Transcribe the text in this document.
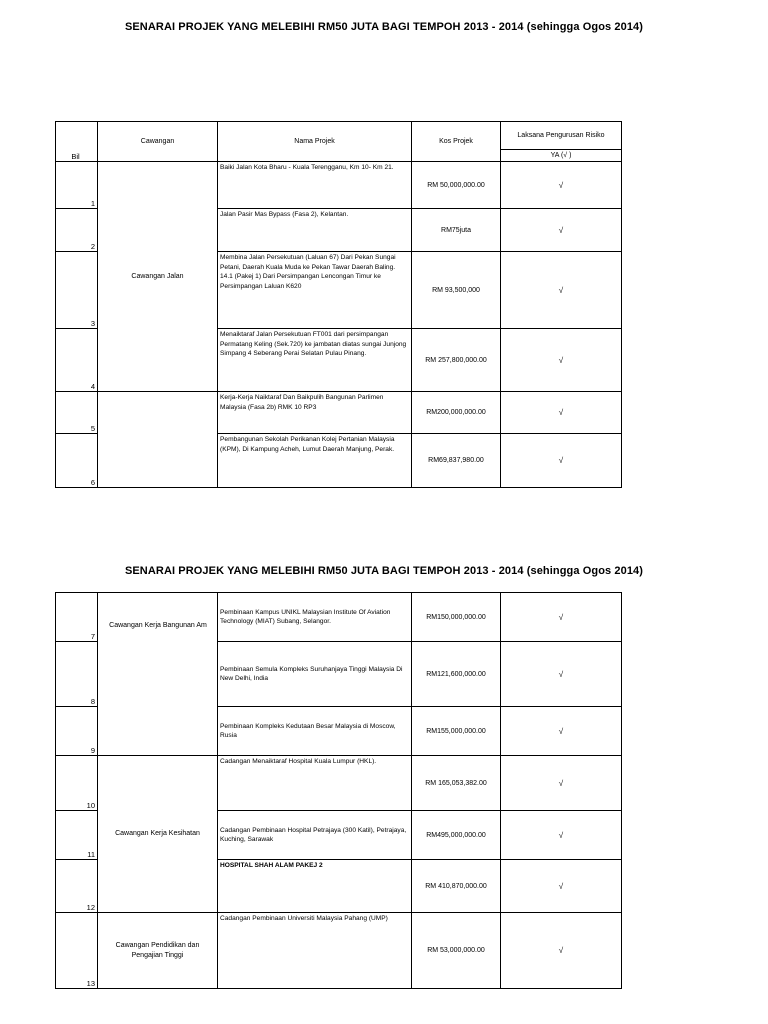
SENARAI PROJEK YANG MELEBIHI RM50 JUTA BAGI TEMPOH 2013 - 2014 (sehingga Ogos 2014)
Bil	Cawangan	Nama Projek	Kos Projek	Laksana Pengurusan Risiko
				YA (√ )
1	Cawangan Jalan	Baiki Jalan Kota Bharu - Kuala Terengganu, Km 10- Km 21.	RM 50,000,000.00	√
2		Jalan Pasir Mas Bypass (Fasa 2), Kelantan.	RM75juta	√
3		Membina Jalan Persekutuan (Laluan 67) Dari Pekan Sungai Petani, Daerah Kuala Muda ke Pekan Tawar Daerah Baling. 14.1 (Pakej 1) Dari Persimpangan Lencongan Timur ke Persimpangan Laluan K620	RM 93,500,000	√
4		Menaiktaraf Jalan Persekutuan FT001 dari persimpangan Permatang Keling (Sek.720) ke jambatan diatas sungai Junjong Simpang 4 Seberang Perai Selatan Pulau Pinang.	RM 257,800,000.00	√
5		Kerja-Kerja Naiktaraf Dan Baikpulih Bangunan Parlimen Malaysia (Fasa 2b) RMK 10 RP3	RM200,000,000.00	√
6		Pembangunan Sekolah Perikanan Kolej Pertanian Malaysia (KPM), Di Kampung Acheh, Lumut Daerah Manjung, Perak.	RM69,837,980.00	√
SENARAI PROJEK YANG MELEBIHI RM50 JUTA BAGI TEMPOH 2013 - 2014 (sehingga Ogos 2014)
7	Cawangan Kerja Bangunan Am	Pembinaan Kampus UNIKL Malaysian Institute Of Aviation Technology (MIAT) Subang, Selangor.	RM150,000,000.00	√
8		Pembinaan Semula Kompleks Suruhanjaya Tinggi Malaysia Di New Delhi, India	RM121,600,000.00	√
9		Pembinaan Kompleks Kedutaan Besar Malaysia di Moscow, Rusia	RM155,000,000.00	√
10	Cawangan Kerja Kesihatan	Cadangan Menaiktaraf Hospital Kuala Lumpur (HKL).	RM 165,053,382.00	√
11		Cadangan Pembinaan Hospital Petrajaya (300 Katil), Petrajaya, Kuching, Sarawak	RM495,000,000.00	√
12		HOSPITAL SHAH ALAM PAKEJ 2	RM 410,870,000.00	√
13	Cawangan Pendidikan dan Pengajian Tinggi	Cadangan Pembinaan Universiti Malaysia Pahang (UMP)	RM 53,000,000.00	√
